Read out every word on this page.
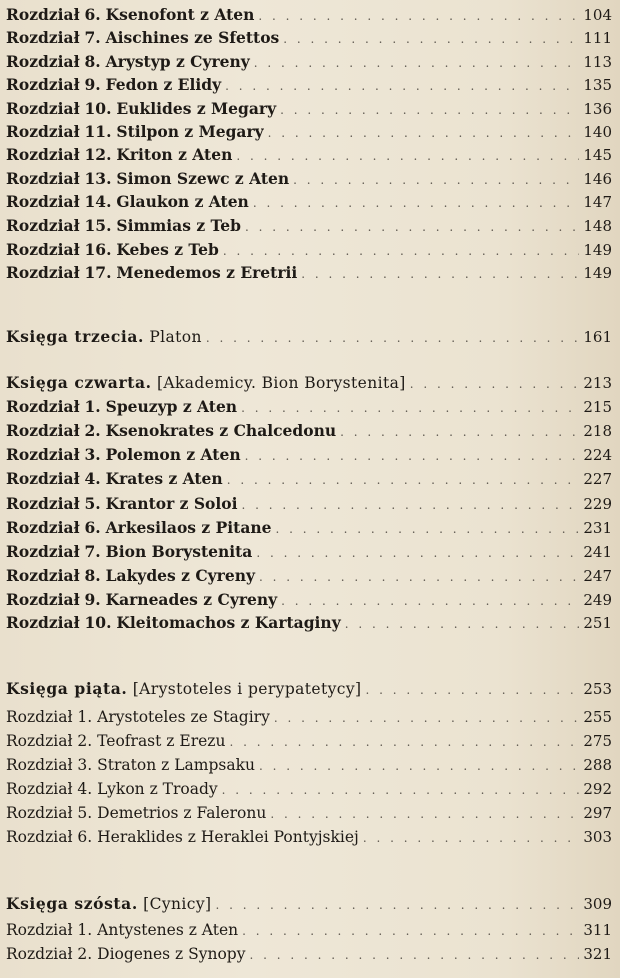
Rozdział 6. Ksenofont z Aten . . .	104
Rozdział 7. Aischines ze Sfettos . . .	111
Rozdział 8. Arystyp z Cyreny . . .	113
Rozdział 9. Fedon z Elidy . . .	135
Rozdział 10. Euklides z Megary . . .	136
Rozdział 11. Stilpon z Megary . . .	140
Rozdział 12. Kriton z Aten . . .	145
Rozdział 13. Simon Szewc z Aten . . .	146
Rozdział 14. Glaukon z Aten . . .	147
Rozdział 15. Simmias z Teb . . .	148
Rozdział 16. Kebes z Teb . . .	149
Rozdział 17. Menedemos z Eretrii . . .	149
Księga trzecia. Platon . . .	161
Księga czwarta. [Akademicy. Bion Borystenita] . . .	213
Rozdział 1. Speuzyp z Aten . . .	215
Rozdział 2. Ksenokrates z Chalcedonu . . .	218
Rozdział 3. Polemon z Aten . . .	224
Rozdział 4. Krates z Aten . . .	227
Rozdział 5. Krantor z Soloi . . .	229
Rozdział 6. Arkesilaos z Pitane . . .	231
Rozdział 7. Bion Borystenita . . .	241
Rozdział 8. Lakydes z Cyreny . . .	247
Rozdział 9. Karneades z Cyreny . . .	249
Rozdział 10. Kleitomachos z Kartaginy . . .	251
Księga piąta. [Arystoteles i perypatetycy] . . .	253
Rozdział 1. Arystoteles ze Stagiry . . .	255
Rozdział 2. Teofrast z Erezu . . .	275
Rozdział 3. Straton z Lampsaku . . .	288
Rozdział 4. Lykon z Troady . . .	292
Rozdział 5. Demetrios z Faleronu . . .	297
Rozdział 6. Heraklides z Heraklei Pontyjskiej . . .	303
Księga szósta. [Cynicy] . . .	309
Rozdział 1. Antystenes z Aten . . .	311
Rozdział 2. Diogenes z Synopy . . .	321
